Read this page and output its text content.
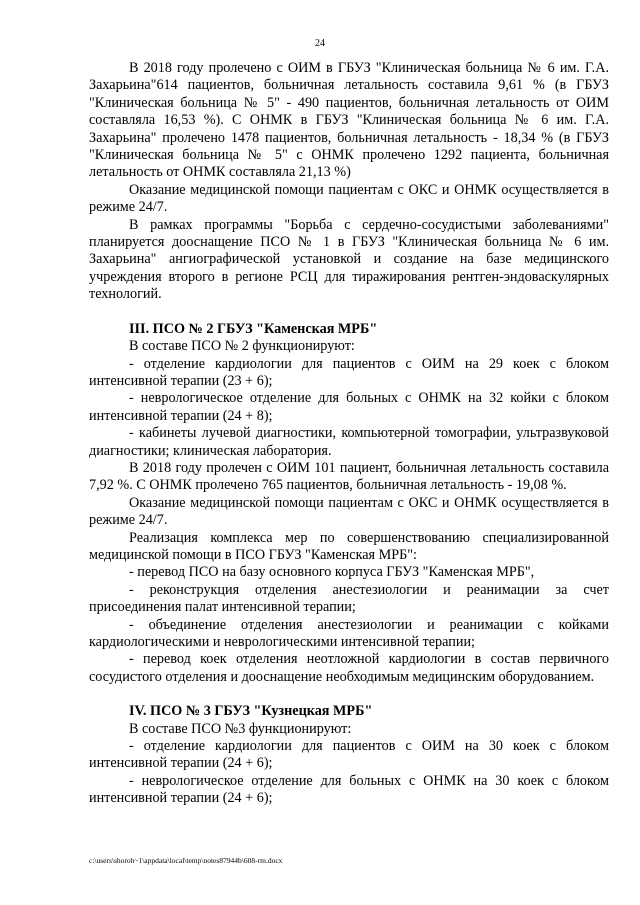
24

В 2018 году пролечено с ОИМ в ГБУЗ "Клиническая больница № 6 им. Г.А. Захарьина"614 пациентов, больничная летальность составила 9,61 % (в ГБУЗ "Клиническая больница № 5" - 490 пациентов, больничная летальность от ОИМ составляла 16,53 %). С ОНМК в ГБУЗ "Клиническая больница № 6 им. Г.А. Захарьина" пролечено 1478 пациентов, больничная летальность - 18,34 % (в ГБУЗ "Клиническая больница № 5" с ОНМК пролечено 1292 пациента, больничная летальность от ОНМК составляла 21,13 %)

Оказание медицинской помощи пациентам с ОКС и ОНМК осуществляется в режиме 24/7.

В рамках программы "Борьба с сердечно-сосудистыми заболеваниями" планируется дооснащение ПСО № 1 в ГБУЗ "Клиническая больница № 6 им. Захарьина" ангиографической установкой и создание на базе медицинского учреждения второго в регионе РСЦ для тиражирования рентген-эндоваскулярных технологий.

III. ПСО № 2 ГБУЗ "Каменская МРБ"

В составе ПСО № 2 функционируют:

- отделение кардиологии для пациентов с ОИМ на 29 коек с блоком интенсивной терапии (23 + 6);

- неврологическое отделение для больных с ОНМК на 32 койки с блоком интенсивной терапии (24 + 8);

- кабинеты лучевой диагностики, компьютерной томографии, ультразвуковой диагностики; клиническая лаборатория.

В 2018 году пролечен с ОИМ 101 пациент, больничная летальность составила 7,92 %. С ОНМК пролечено 765 пациентов, больничная летальность - 19,08 %.

Оказание медицинской помощи пациентам с ОКС и ОНМК осуществляется в режиме 24/7.

Реализация комплекса мер по совершенствованию специализированной медицинской помощи в ПСО ГБУЗ "Каменская МРБ":

- перевод ПСО на базу основного корпуса ГБУЗ "Каменская МРБ",

- реконструкция отделения анестезиологии и реанимации за счет присоединения палат интенсивной терапии;

- объединение отделения анестезиологии и реанимации с койками кардиологическими и неврологическими интенсивной терапии;

- перевод коек отделения неотложной кардиологии в состав первичного сосудистого отделения и дооснащение необходимым медицинским оборудованием.

IV. ПСО № 3 ГБУЗ "Кузнецкая МРБ"

В составе ПСО №3 функционируют:

- отделение кардиологии для пациентов с ОИМ на 30 коек с блоком интенсивной терапии (24 + 6);

- неврологическое отделение для больных с ОНМК на 30 коек с блоком интенсивной терапии (24 + 6);

c:\users\shoroh~1\appdata\local\temp\notes87944b\608-rm.docx
